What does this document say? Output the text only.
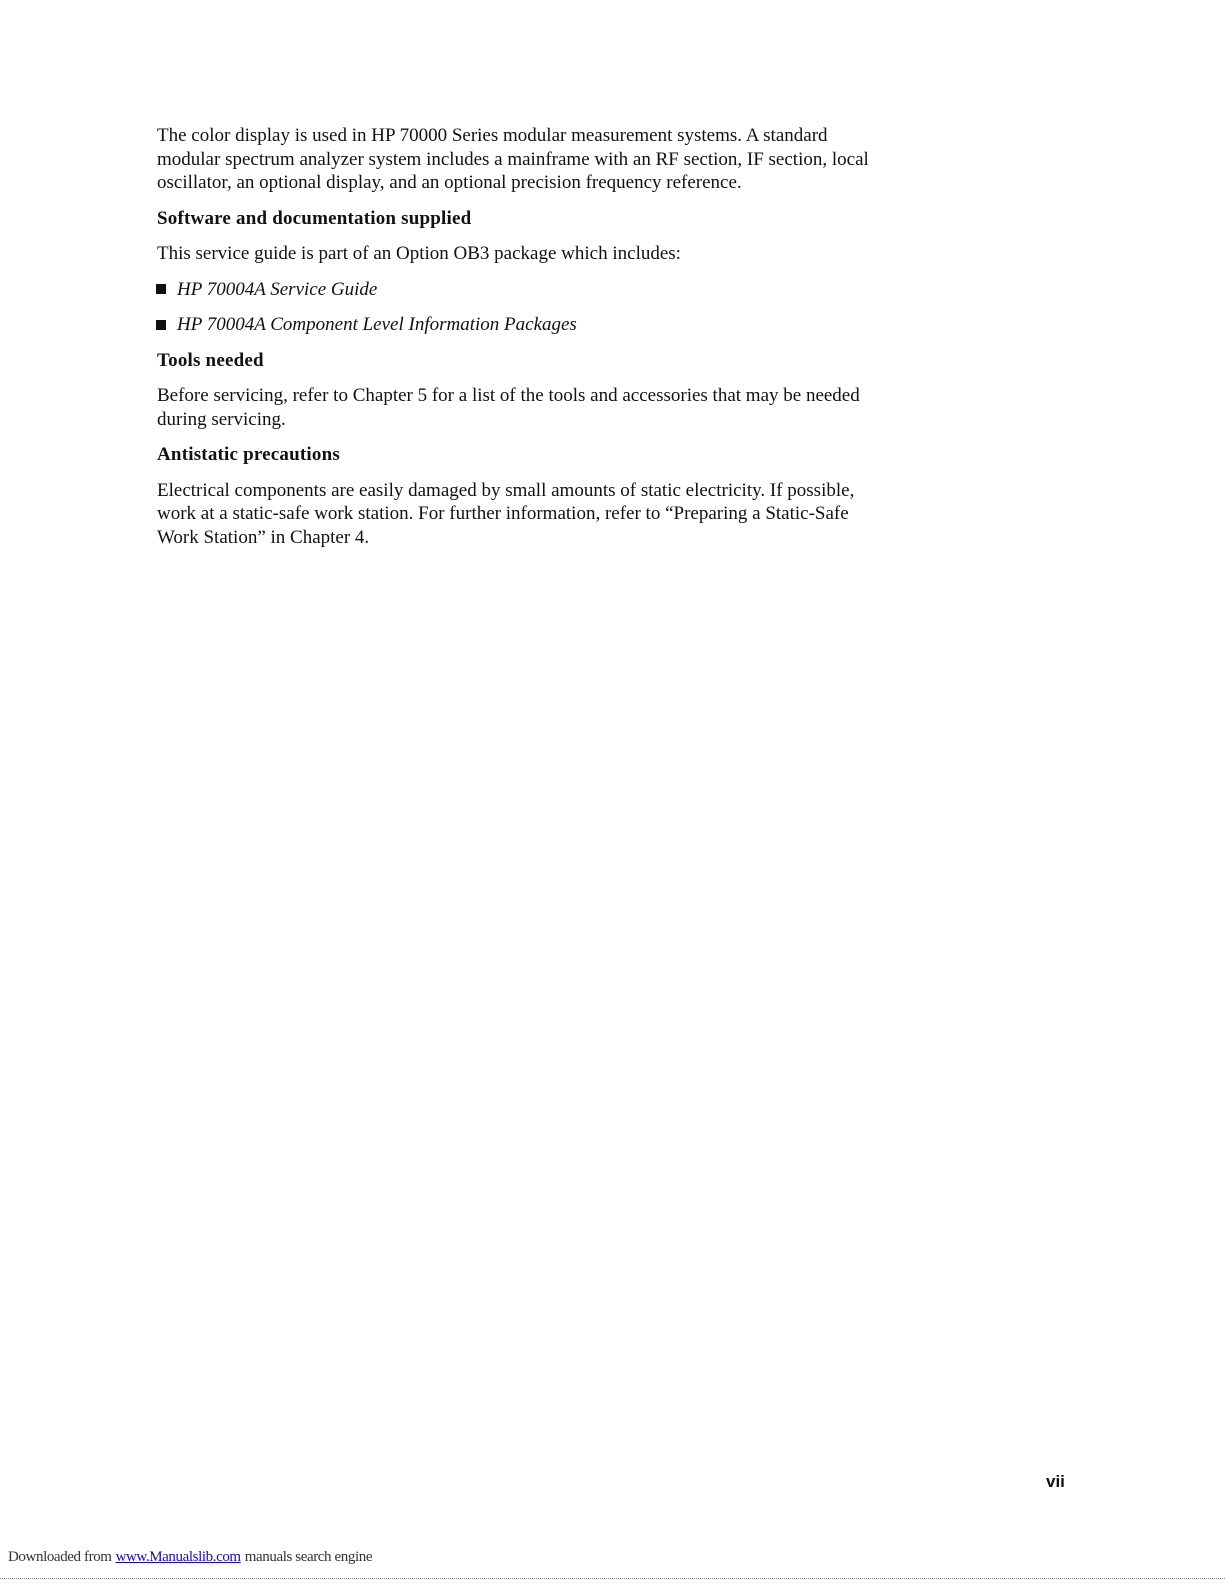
The color display is used in HP 70000 Series modular measurement systems. A standard
modular spectrum analyzer system includes a mainframe with an RF section, IF section, local
oscillator, an optional display, and an optional precision frequency reference.

Software and documentation supplied

This service guide is part of an Option OB3 package which includes:

HP 70004A Service Guide
HP 70004A Component Level Information Packages
Tools needed

Before servicing, refer to Chapter 5 for a list of the tools and accessories that may be needed
during servicing.

Antistatic precautions

Electrical components are easily damaged by small amounts of static electricity. If possible,
work at a static-safe work station. For further information, refer to “Preparing a Static-Safe
Work Station” in Chapter 4.

vii
Downloaded from www.Manualslib.com manuals search engine
